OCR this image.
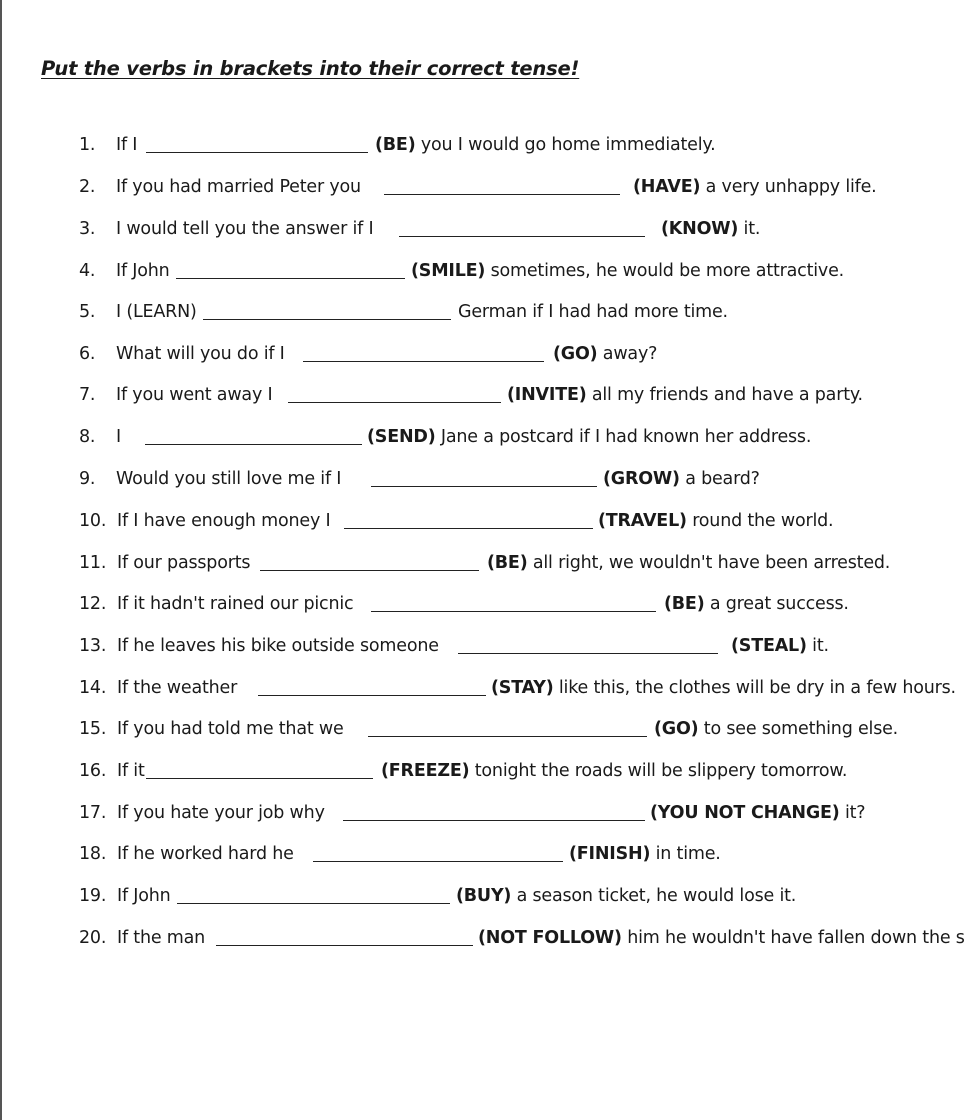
Put the verbs in brackets into their correct tense!
1. If I	(BE) you I would go home immediately.
2. If you had married Peter you	(HAVE) a very unhappy life.
3. I would tell you the answer if I	(KNOW) it.
4. If John	(SMILE) sometimes, he would be more attractive.
5. I (LEARN)	German if I had had more time.
6. What will you do if I	(GO) away?
7. If you went away I	(INVITE) all my friends and have a party.
8. I	(SEND) Jane a postcard if I had known her address.
9. Would you still love me if I	(GROW) a beard?
10. If I have enough money I	(TRAVEL) round the world.
11. If our passports	(BE) all right, we wouldn't have been arrested.
12. If it hadn't rained our picnic	(BE) a great success.
13. If he leaves his bike outside someone	(STEAL) it.
14. If the weather	(STAY) like this, the clothes will be dry in a few hours.
15. If you had told me that we	(GO) to see something else.
16. If it	(FREEZE) tonight the roads will be slippery tomorrow.
17. If you hate your job why	(YOU NOT CHANGE) it?
18. If he worked hard he	(FINISH) in time.
19. If John	(BUY) a season ticket, he would lose it.
20. If the man	(NOT FOLLOW) him he wouldn't have fallen down the s
